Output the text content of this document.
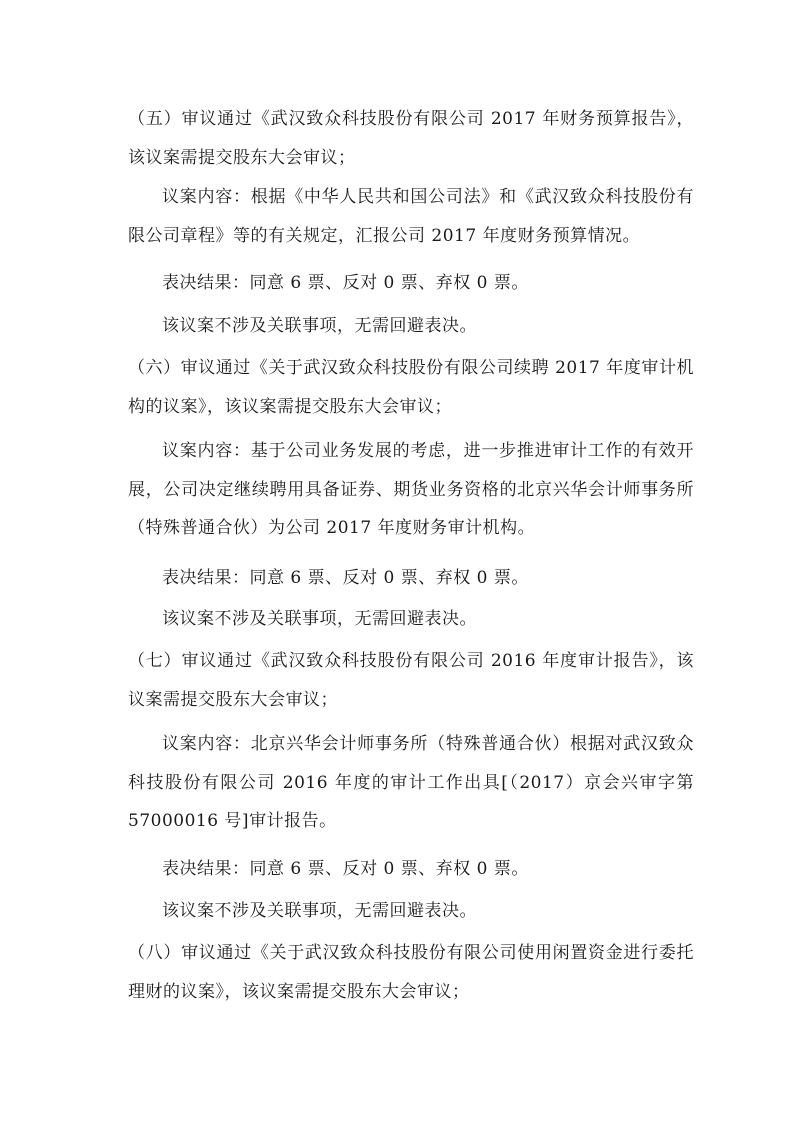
（五）审议通过《武汉致众科技股份有限公司 2017 年财务预算报告》，该议案需提交股东大会审议；

议案内容：根据《中华人民共和国公司法》和《武汉致众科技股份有限公司章程》等的有关规定，汇报公司 2017 年度财务预算情况。

表决结果：同意 6 票、反对 0 票、弃权 0 票。

该议案不涉及关联事项，无需回避表决。

（六）审议通过《关于武汉致众科技股份有限公司续聘 2017 年度审计机构的议案》，该议案需提交股东大会审议；

议案内容：基于公司业务发展的考虑，进一步推进审计工作的有效开展，公司决定继续聘用具备证券、期货业务资格的北京兴华会计师事务所（特殊普通合伙）为公司 2017 年度财务审计机构。

表决结果：同意 6 票、反对 0 票、弃权 0 票。

该议案不涉及关联事项，无需回避表决。

（七）审议通过《武汉致众科技股份有限公司 2016 年度审计报告》，该议案需提交股东大会审议；

议案内容：北京兴华会计师事务所（特殊普通合伙）根据对武汉致众科技股份有限公司 2016 年度的审计工作出具[（2017）京会兴审字第 57000016 号]审计报告。

表决结果：同意 6 票、反对 0 票、弃权 0 票。

该议案不涉及关联事项，无需回避表决。

（八）审议通过《关于武汉致众科技股份有限公司使用闲置资金进行委托理财的议案》，该议案需提交股东大会审议；
